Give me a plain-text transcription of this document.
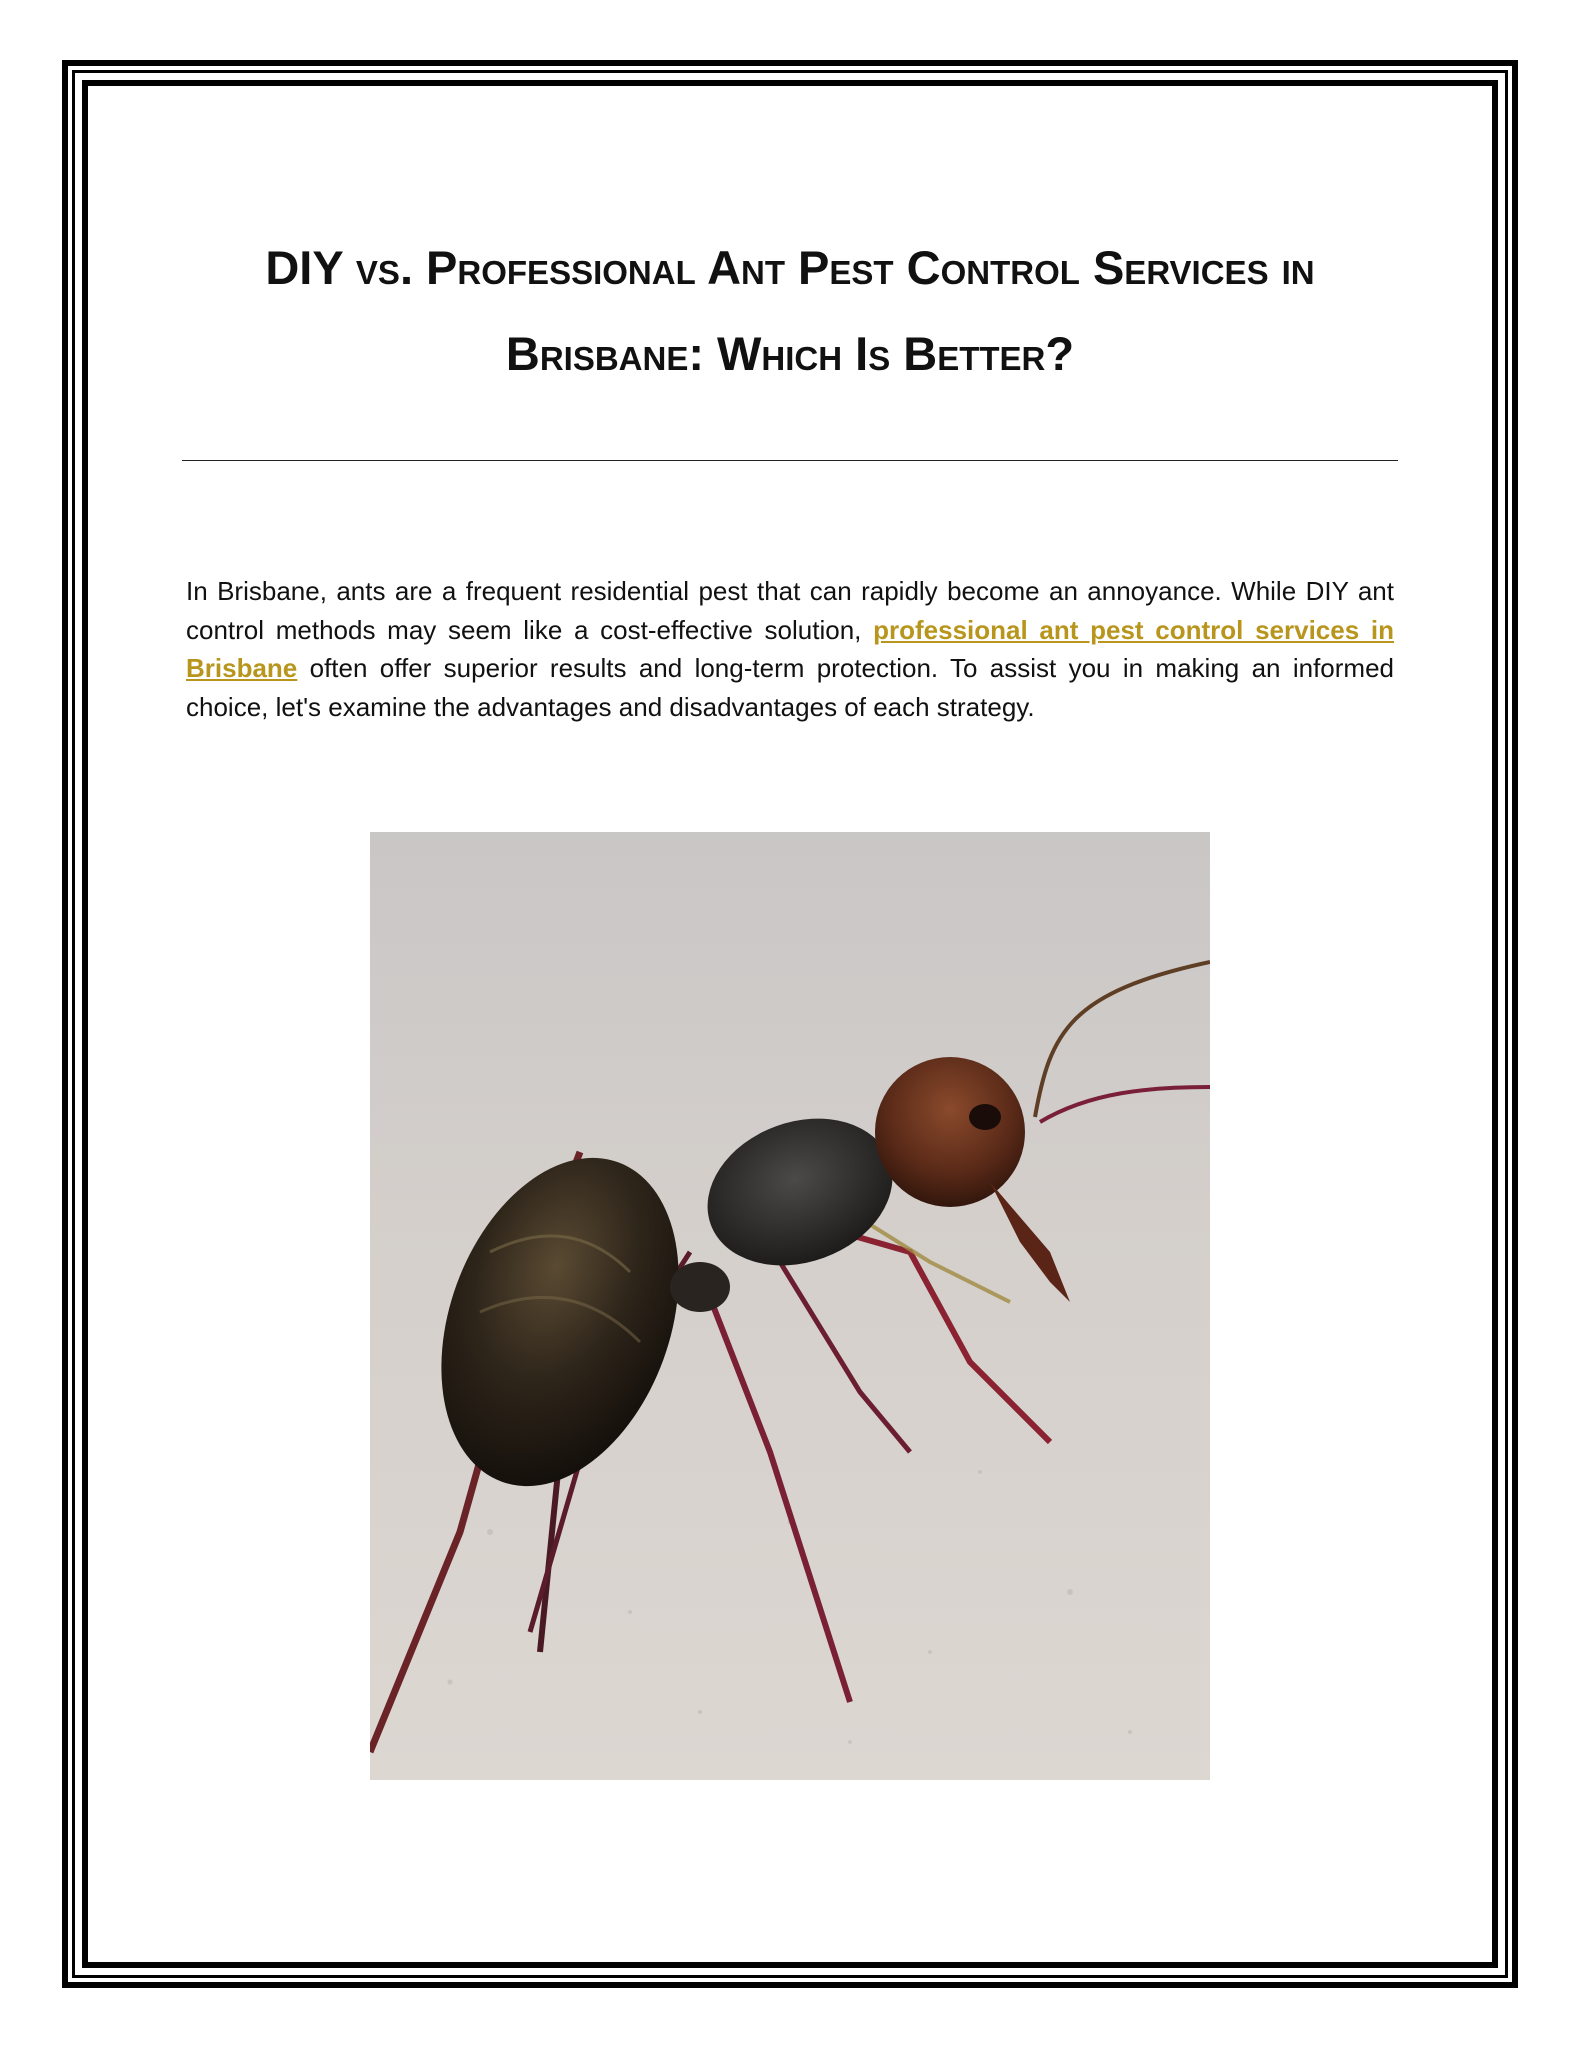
DIY vs. Professional Ant Pest Control Services in
Brisbane: Which Is Better?

In Brisbane, ants are a frequent residential pest that can rapidly become an annoyance. While DIY ant control methods may seem like a cost-effective solution, professional ant pest control services in Brisbane often offer superior results and long-term protection. To assist you in making an informed choice, let's examine the advantages and disadvantages of each strategy.
